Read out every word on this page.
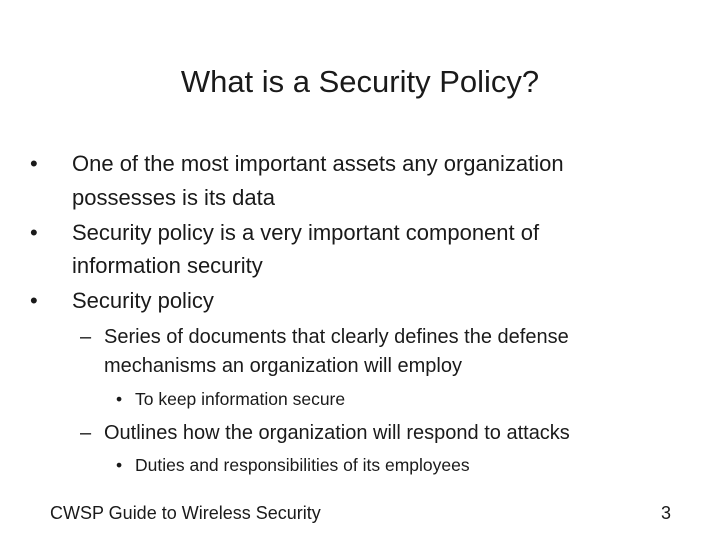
What is a Security Policy?
• One of the most important assets any organization
possesses is its data
• Security policy is a very important component of
information security
• Security policy
– Series of documents that clearly defines the defense
mechanisms an organization will employ
• To keep information secure
– Outlines how the organization will respond to attacks
• Duties and responsibilities of its employees
CWSP Guide to Wireless Security	3
